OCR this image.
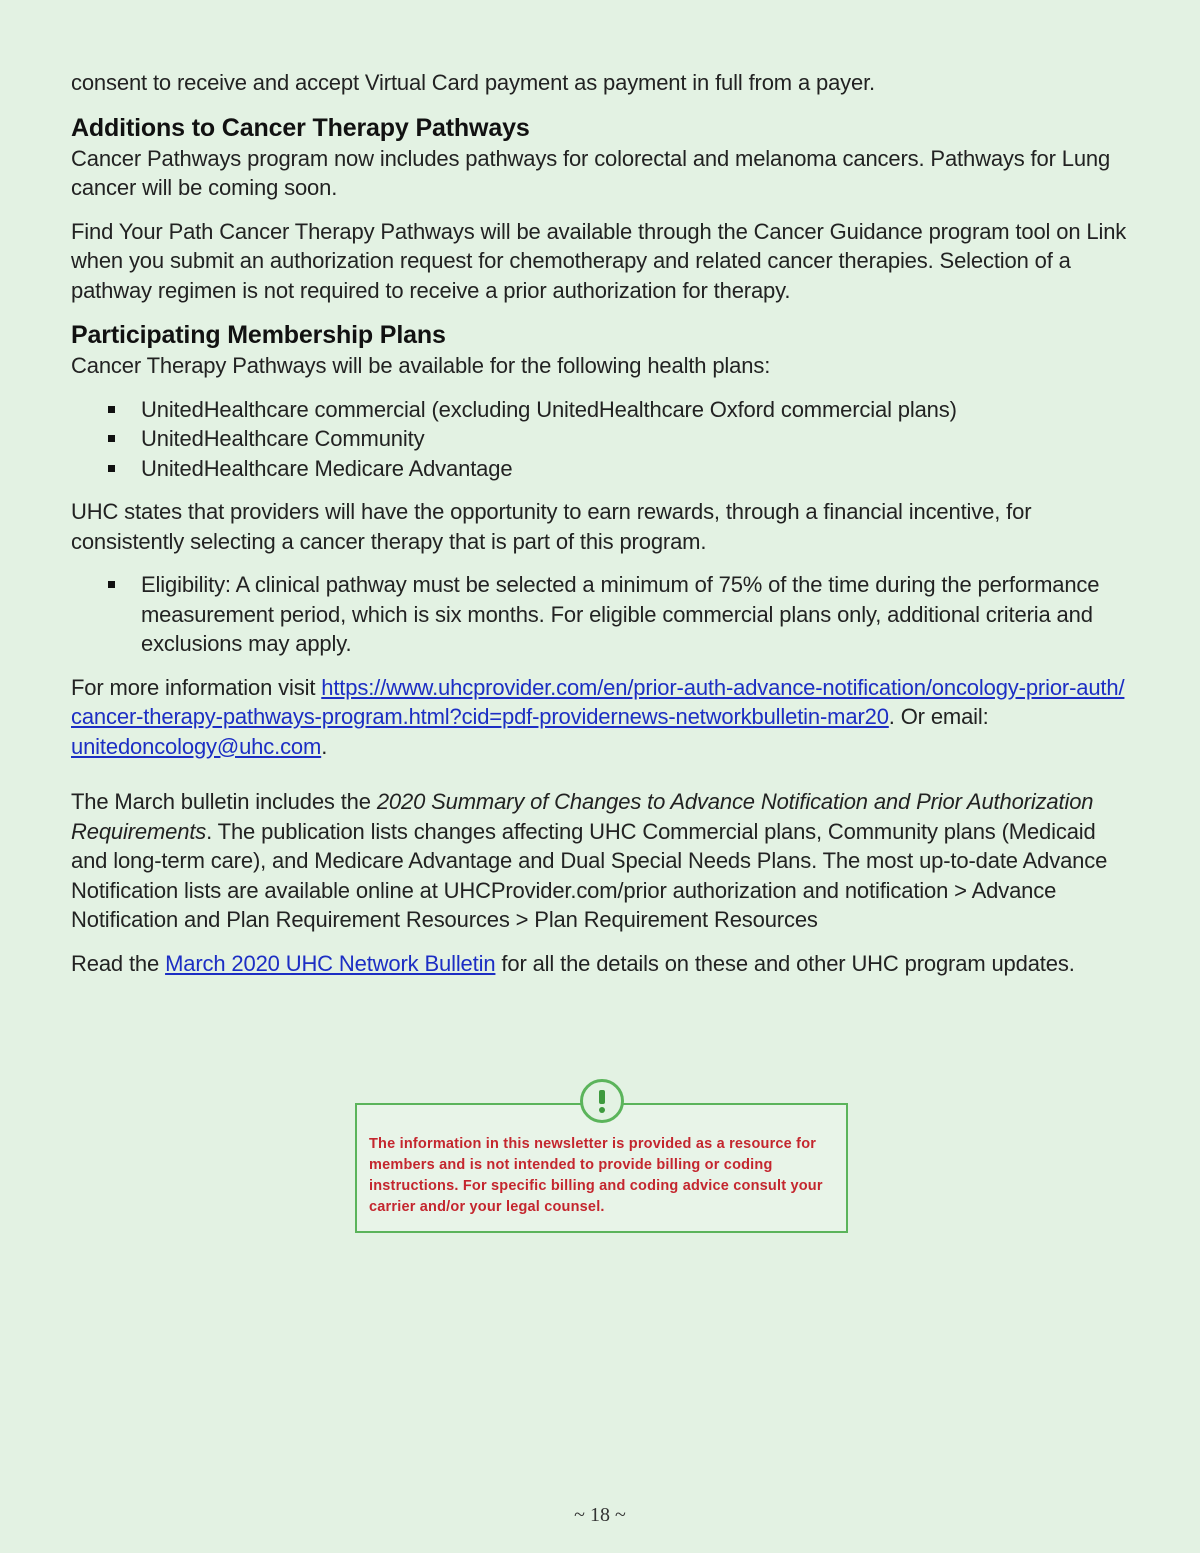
consent to receive and accept Virtual Card payment as payment in full from a payer.

Additions to Cancer Therapy Pathways

Cancer Pathways program now includes pathways for colorectal and melanoma cancers. Pathways for Lung cancer will be coming soon.

Find Your Path Cancer Therapy Pathways will be available through the Cancer Guidance program tool on Link when you submit an authorization request for chemotherapy and related cancer therapies. Selection of a pathway regimen is not required to receive a prior authorization for therapy.

Participating Membership Plans

Cancer Therapy Pathways will be available for the following health plans:

UnitedHealthcare commercial (excluding UnitedHealthcare Oxford commercial plans)
UnitedHealthcare Community
UnitedHealthcare Medicare Advantage

UHC states that providers will have the opportunity to earn rewards, through a financial incentive, for consistently selecting a cancer therapy that is part of this program.

Eligibility: A clinical pathway must be selected a minimum of 75% of the time during the performance measurement period, which is six months. For eligible commercial plans only, additional criteria and exclusions may apply.

For more information visit https://www.uhcprovider.com/en/prior-auth-advance-notification/oncology-prior-auth/cancer-therapy-pathways-program.html?cid=pdf-providernews-networkbulletin-mar20. Or email: unitedoncology@uhc.com.

The March bulletin includes the 2020 Summary of Changes to Advance Notification and Prior Authorization Requirements. The publication lists changes affecting UHC Commercial plans, Community plans (Medicaid and long-term care), and Medicare Advantage and Dual Special Needs Plans. The most up-to-date Advance Notification lists are available online at UHCProvider.com/prior authorization and notification > Advance Notification and Plan Requirement Resources > Plan Requirement Resources

Read the March 2020 UHC Network Bulletin for all the details on these and other UHC program updates.

The information in this newsletter is provided as a resource for members and is not intended to provide billing or coding instructions. For specific billing and coding advice consult your carrier and/or your legal counsel.
~ 18 ~
